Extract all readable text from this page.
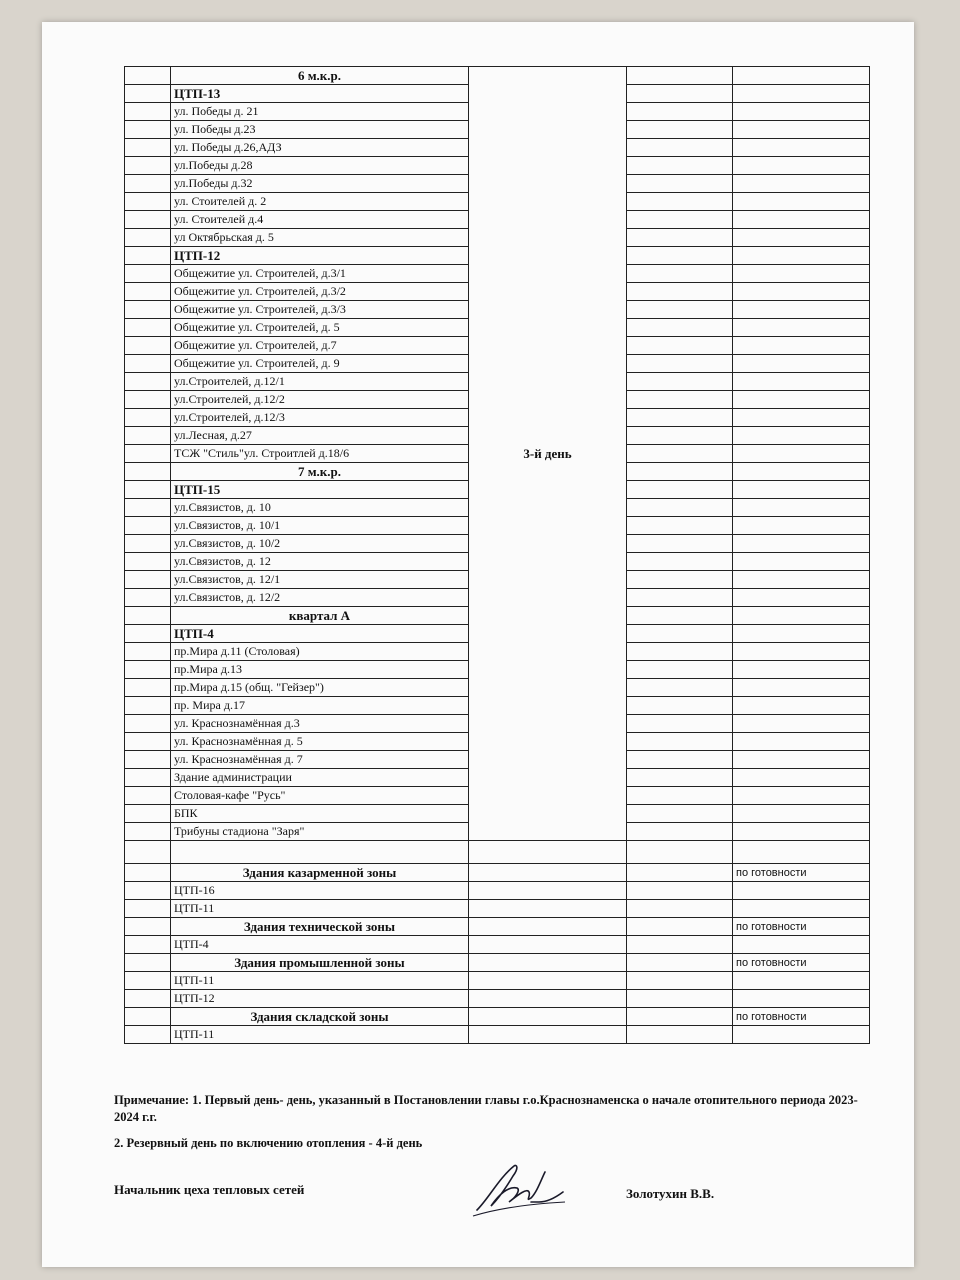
	6 м.к.р.	3-й день		
	ЦТП-13			
	ул. Победы д. 21			
	ул. Победы д.23			
	ул. Победы д.26,АДЗ			
	ул.Победы д.28			
	ул.Победы д.32			
	ул. Стоителей д. 2			
	ул. Стоителей д.4			
	ул Октябрьская д. 5			
	ЦТП-12			
	Общежитие ул. Строителей, д.3/1			
	Общежитие ул. Строителей, д.3/2			
	Общежитие ул. Строителей, д.3/3			
	Общежитие ул. Строителей, д. 5			
	Общежитие ул. Строителей, д.7			
	Общежитие ул. Строителей, д. 9			
	ул.Строителей, д.12/1			
	ул.Строителей, д.12/2			
	ул.Строителей, д.12/3			
	ул.Лесная, д.27			
	ТСЖ "Стиль"ул. Строитлей д.18/6			
	7 м.к.р.			
	ЦТП-15			
	ул.Связистов, д. 10			
	ул.Связистов, д. 10/1			
	ул.Связистов, д. 10/2			
	ул.Связистов, д. 12			
	ул.Связистов, д. 12/1			
	ул.Связистов, д. 12/2			
	квартал А			
	ЦТП-4			
	пр.Мира д.11 (Столовая)			
	пр.Мира д.13			
	пр.Мира д.15 (общ. "Гейзер")			
	пр. Мира д.17			
	ул. Краснознамённая д.3			
	ул. Краснознамённая д. 5			
	ул. Краснознамённая д. 7			
	Здание администрации			
	Столовая-кафе "Русь"			
	БПК			
	Трибуны стадиона "Заря"			

	Здания казарменной зоны			по готовности
	ЦТП-16			
	ЦТП-11			
	Здания технической зоны			по готовности
	ЦТП-4			
	Здания промышленной зоны			по готовности
	ЦТП-11			
	ЦТП-12			
	Здания складской зоны			по готовности
	ЦТП-11			

Примечание: 1. Первый день- день, указанный в Постановлении главы г.о.Краснознаменска о начале отопительного периода 2023-2024 г.г.

2. Резервный день по включению отопления - 4-й день

Начальник цеха тепловых сетей	Золотухин В.В.
